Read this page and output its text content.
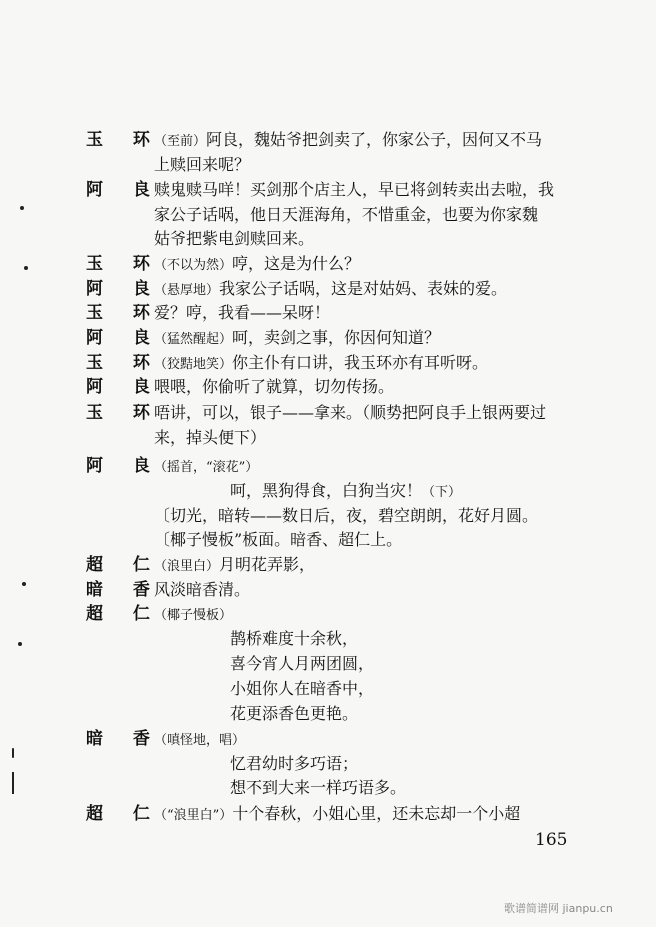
玉 环
（至前）阿良，魏姑爷把剑卖了，你家公子，因何又不马
上赎回来呢？
阿 良
赎鬼赎马咩！买剑那个店主人，早已将剑转卖出去啦，我
家公子话㖞，他日天涯海角，不惜重金，也要为你家魏
姑爷把紫电剑赎回来。
玉 环
（不以为然）哼，这是为什么？
阿 良
（悬厚地）我家公子话㖞，这是对姑妈、表妹的爱。
玉 环
爱？哼，我看——呆呀！
阿 良
（猛然醒起）呵，卖剑之事，你因何知道？
玉 环
（狡黠地笑）你主仆有口讲，我玉环亦有耳听呀。
阿 良
喂喂，你偷听了就算，切勿传扬。
玉 环
唔讲，可以，银子——拿来。（顺势把阿良手上银两要过
来，掉头便下）
阿 良
（摇首，“滚花”）
呵，黑狗得食，白狗当灾！（下）
〔切光，暗转——数日后，夜，碧空朗朗，花好月圆。
〔椰子慢板”板面。暗香、超仁上。
超 仁
（浪里白）月明花弄影，
暗 香
风淡暗香清。
超 仁
（椰子慢板）
鹊桥难度十余秋，
喜今宵人月两团圆，
小姐你人在暗香中，
花更添香色更艳。
暗 香
（嗔怪地，唱）
忆君幼时多巧语；
想不到大来一样巧语多。
超 仁
（“浪里白”）十个春秋，小姐心里，还未忘却一个小超
165
歌谱简谱网 jianpu.cn
